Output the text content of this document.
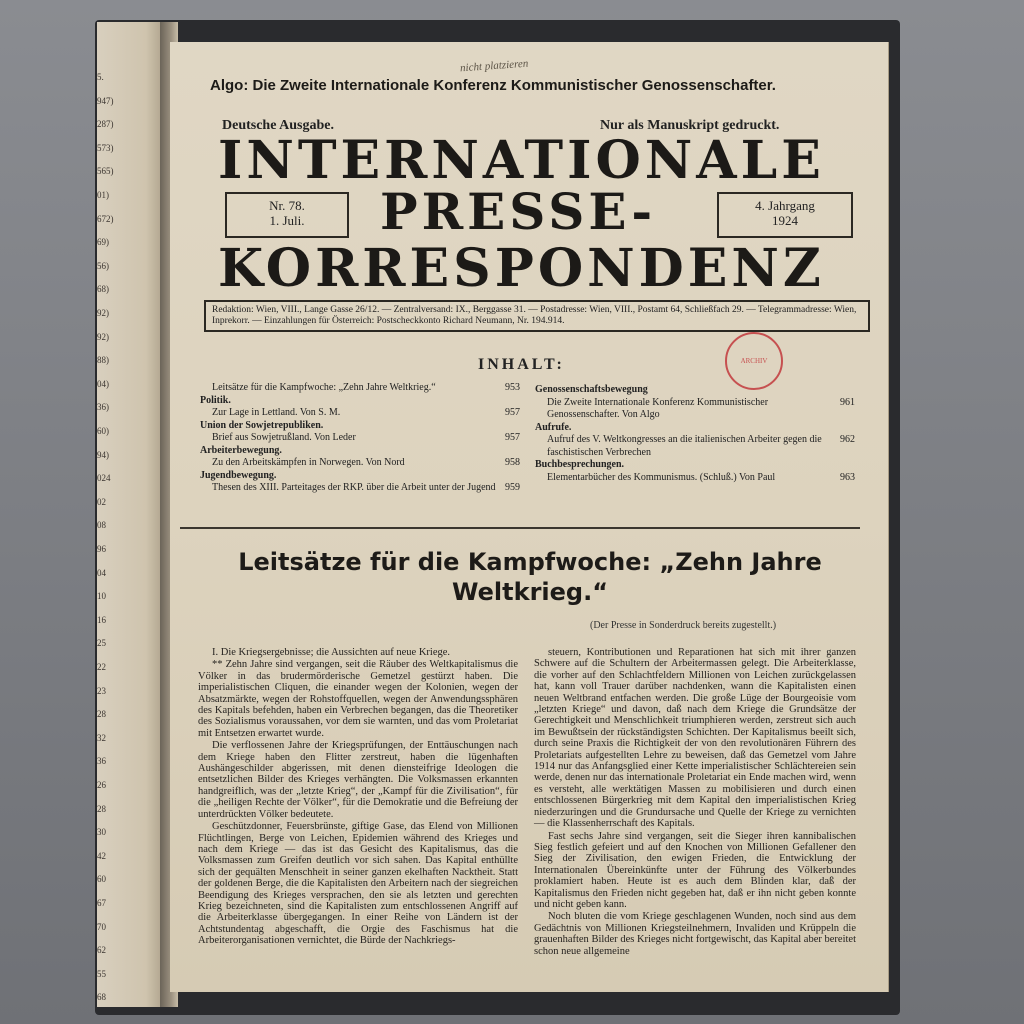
5.
947)
287)
573)
565)
01)
672)
69)
56)
68)
92)
92)
88)
04)
36)
60)
94)
024
02
08
96
04
10
16
25
22
23
28
32
36
26
28
30
42
60
67
70
62
55
68
Algo: Die Zweite Internationale Konferenz Kommunistischer Genossenschafter.
nicht platzieren
Deutsche Ausgabe.	Nur als Manuskript gedruckt.
INTERNATIONALE
PRESSE-
KORRESPONDENZ
Nr. 78.
1. Juli.
4. Jahrgang
1924
Redaktion: Wien, VIII., Lange Gasse 26/12. — Zentralversand: IX., Berggasse 31. — Postadresse: Wien, VIII., Postamt 64, Schließfach 29. — Telegrammadresse: Wien, Inprekorr. — Einzahlungen für Österreich: Postscheckkonto Richard Neumann, Nr. 194.914.
ARCHIV
INHALT:
Leitsätze für die Kampfwoche: „Zehn Jahre Weltkrieg.“	953
Politik.
Zur Lage in Lettland. Von S. M.	957
Union der Sowjetrepubliken.
Brief aus Sowjetrußland. Von Leder	957
Arbeiterbewegung.
Zu den Arbeitskämpfen in Norwegen. Von Nord	958
Jugendbewegung.
Thesen des XIII. Parteitages der RKP. über die Arbeit unter der Jugend 959
Genossenschaftsbewegung
Die Zweite Internationale Konferenz Kommunistischer Genossenschafter. Von Algo
961
Aufrufe.
Aufruf des V. Weltkongresses an die italienischen Arbeiter gegen die faschistischen Verbrechen
962
Buchbesprechungen.
Elementarbücher des Kommunismus. (Schluß.) Von Paul	963
Leitsätze für die Kampfwoche: „Zehn Jahre Weltkrieg.“
(Der Presse in Sonderdruck bereits zugestellt.)

I. Die Kriegsergebnisse; die Aussichten auf neue Kriege.

** Zehn Jahre sind vergangen, seit die Räuber des Weltkapitalismus die Völker in das brudermörderische Gemetzel gestürzt haben. Die imperialistischen Cliquen, die einander wegen der Kolonien, wegen der Absatzmärkte, wegen der Rohstoffquellen, wegen der Anwendungssphären des Kapitals befehden, haben ein Verbrechen begangen, das die Theoretiker des Sozialismus voraussahen, vor dem sie warnten, und das vom Proletariat mit Entsetzen erwartet wurde.

Die verflossenen Jahre der Kriegsprüfungen, der Enttäuschungen nach dem Kriege haben den Flitter zerstreut, haben die lügenhaften Aushängeschilder abgerissen, mit denen diensteifrige Ideologen die entsetzlichen Bilder des Krieges verhängten. Die Volksmassen erkannten handgreiflich, was der „letzte Krieg“, der „Kampf für die Zivilisation“, für die „heiligen Rechte der Völker“, für die Demokratie und die Befreiung der unterdrückten Völker bedeutete.

Geschützdonner, Feuersbrünste, giftige Gase, das Elend von Millionen Flüchtlingen, Berge von Leichen, Epidemien während des Krieges und nach dem Kriege — das ist das Gesicht des Kapitalismus, das die Volksmassen zum Greifen deutlich vor sich sahen. Das Kapital enthüllte sich der gequälten Menschheit in seiner ganzen ekelhaften Nacktheit. Statt der goldenen Berge, die die Kapitalisten den Arbeitern nach der siegreichen Beendigung des Krieges versprachen, den sie als letzten und gerechten Krieg bezeichneten, sind die Kapitalisten zum entschlossenen Angriff auf die Arbeiterklasse übergegangen. In einer Reihe von Ländern ist der Achtstundentag abgeschafft, die Orgie des Faschismus hat die Arbeiterorganisationen vernichtet, die Bürde der Nachkriegs-

steuern, Kontributionen und Reparationen hat sich mit ihrer ganzen Schwere auf die Schultern der Arbeitermassen gelegt. Die Arbeiterklasse, die vorher auf den Schlachtfeldern Millionen von Leichen zurückgelassen hat, kann voll Trauer darüber nachdenken, wann die Kapitalisten einen neuen Weltbrand entfachen werden. Die große Lüge der Bourgeoisie vom „letzten Kriege“ und davon, daß nach dem Kriege die Grundsätze der Gerechtigkeit und Menschlichkeit triumphieren werden, zerstreut sich auch im Bewußtsein der rückständigsten Schichten. Der Kapitalismus beeilt sich, durch seine Praxis die Richtigkeit der von den revolutionären Führern des Proletariats aufgestellten Lehre zu beweisen, daß das Gemetzel vom Jahre 1914 nur das Anfangsglied einer Kette imperialistischer Schlächtereien sein werde, denen nur das internationale Proletariat ein Ende machen wird, wenn es versteht, alle werktätigen Massen zu mobilisieren und durch einen entschlossenen Bürgerkrieg mit dem Kapital den imperialistischen Krieg niederzuringen und die Grundursache und Quelle der Kriege zu vernichten — die Klassenherrschaft des Kapitals.

Fast sechs Jahre sind vergangen, seit die Sieger ihren kannibalischen Sieg festlich gefeiert und auf den Knochen von Millionen Gefallener den Sieg der Zivilisation, den ewigen Frieden, die Entwicklung der Internationalen Übereinkünfte unter der Führung des Völkerbundes proklamiert haben. Heute ist es auch dem Blinden klar, daß der Kapitalismus den Frieden nicht gegeben hat, daß er ihn nicht geben konnte und nicht geben kann.

Noch bluten die vom Kriege geschlagenen Wunden, noch sind aus dem Gedächtnis von Millionen Kriegsteilnehmern, Invaliden und Krüppeln die grauenhaften Bilder des Krieges nicht fortgewischt, das Kapital aber bereitet schon neue allgemeine
